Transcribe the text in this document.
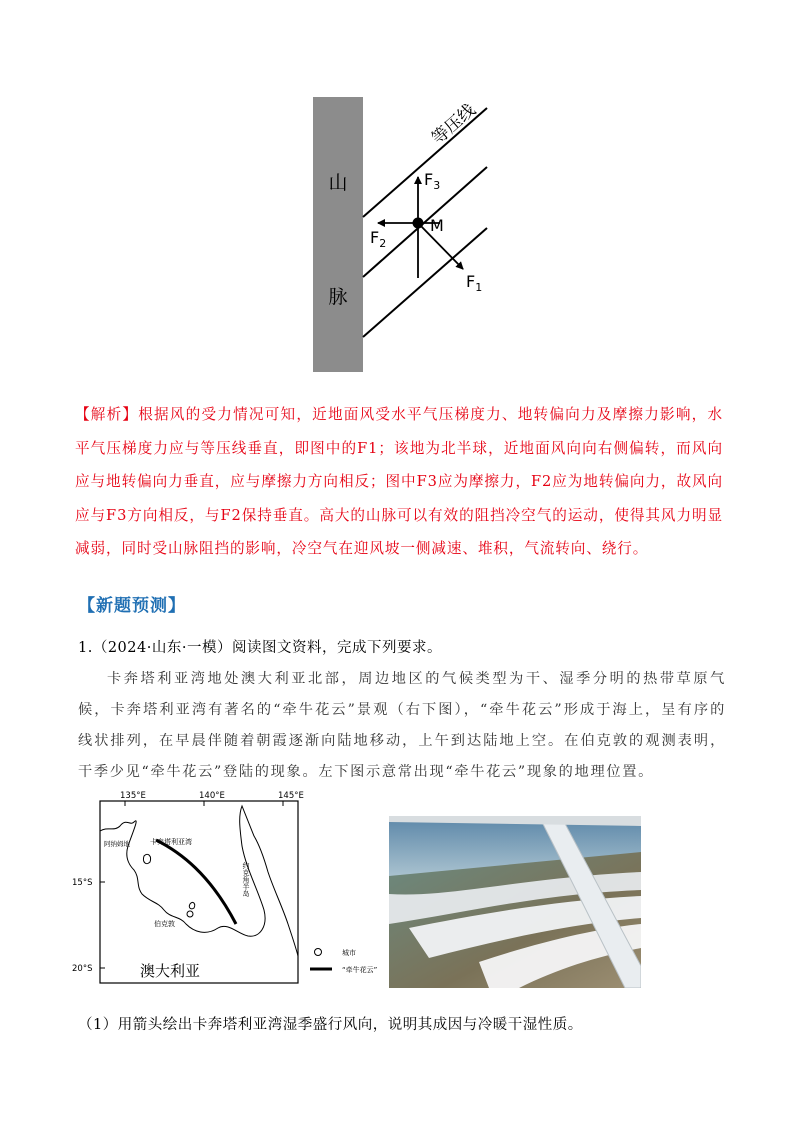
山
脉
等压线
M
$F_3$
$F_2$
$F_1$
【解析】根据风的受力情况可知，近地面风受水平气压梯度力、地转偏向力及摩擦力影响，水平气压梯度力应与等压线垂直，即图中的F1；该地为北半球，近地面风向向右侧偏转，而风向应与地转偏向力垂直，应与摩擦力方向相反；图中F3应为摩擦力，F2应为地转偏向力，故风向应与F3方向相反，与F2保持垂直。高大的山脉可以有效的阻挡冷空气的运动，使得其风力明显减弱，同时受山脉阻挡的影响，冷空气在迎风坡一侧减速、堆积，气流转向、绕行。
【新题预测】
1.（2024·山东·一模）阅读图文资料，完成下列要求。
卡奔塔利亚湾地处澳大利亚北部，周边地区的气候类型为干、湿季分明的热带草原气候，卡奔塔利亚湾有著名的“牵牛花云”景观（右下图），“牵牛花云”形成于海上，呈有序的线状排列，在早晨伴随着朝霞逐渐向陆地移动，上午到达陆地上空。在伯克敦的观测表明，干季少见“牵牛花云”登陆的现象。左下图示意常出现“牵牛花云”现象的地理位置。
135°E	140°E	145°E
15°S
20°S
伯克敦
卡奔塔利亚湾
阿纳姆地
约克角半岛
澳大利亚
城市
“牵牛花云”
（1）用箭头绘出卡奔塔利亚湾湿季盛行风向，说明其成因与冷暖干湿性质。
